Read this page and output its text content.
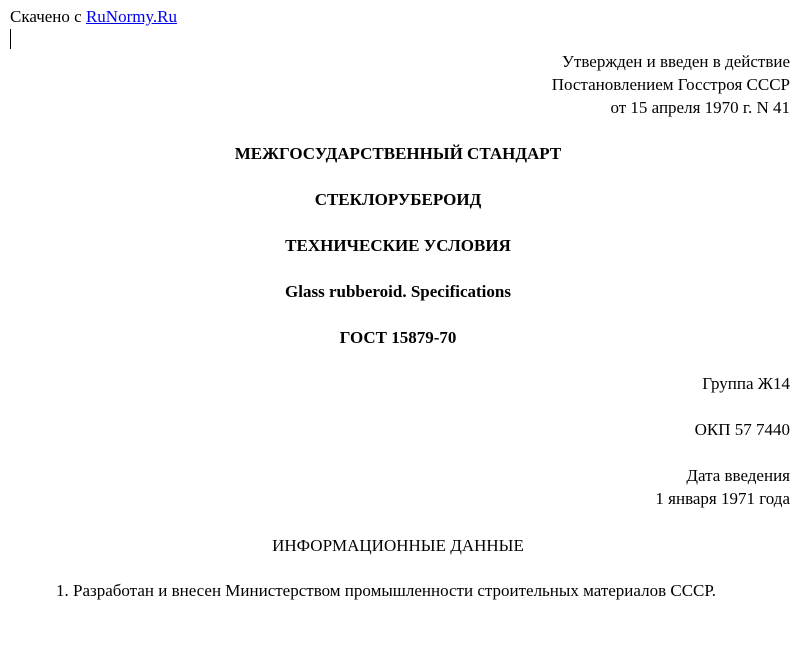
Скачено с RuNormy.Ru
Утвержден и введен в действие
Постановлением Госстроя СССР
от 15 апреля 1970 г. N 41
МЕЖГОСУДАРСТВЕННЫЙ СТАНДАРТ
СТЕКЛОРУБЕРОИД
ТЕХНИЧЕСКИЕ УСЛОВИЯ
Glass rubberoid. Specifications
ГОСТ 15879-70
Группа Ж14
ОКП 57 7440
Дата введения
1 января 1971 года
ИНФОРМАЦИОННЫЕ ДАННЫЕ

1. Разработан и внесен Министерством промышленности строительных материалов СССР.
